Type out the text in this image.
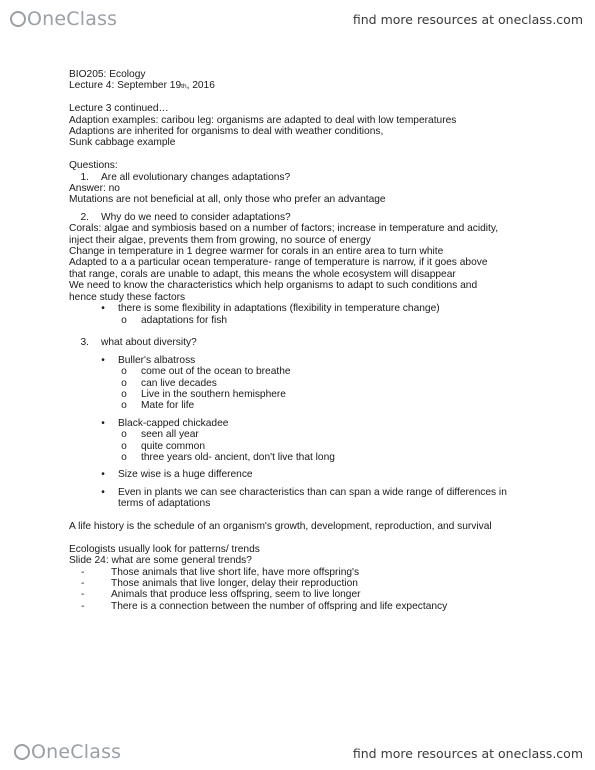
OneClass	find more resources at oneclass.com
BIO205: Ecology
Lecture 4: September 19 th , 2016
Lecture 3 continued…
Adaption examples: caribou leg: organisms are adapted to deal with low temperatures
Adaptions are inherited for organisms to deal with weather conditions,
Sunk cabbage example
Questions:
1. Are all evolutionary changes adaptations?
Answer: no
Mutations are not beneficial at all, only those who prefer an advantage
2. Why do we need to consider adaptations?
Corals: algae and symbiosis based on a number of factors; increase in temperature and acidity,
inject their algae, prevents them from growing, no source of energy
Change in temperature in 1 degree warmer for corals in an entire area to turn white
Adapted to a a particular ocean temperature- range of temperature is narrow, if it goes above
that range, corals are unable to adapt, this means the whole ecosystem will disappear
We need to know the characteristics which help organisms to adapt to such conditions and
hence study these factors
•	there is some flexibility in adaptations (flexibility in temperature change)
o adaptations for fish
3. what about diversity?
•	Buller's albatross
o come out of the ocean to breathe
o can live decades
o Live in the southern hemisphere
o Mate for life
•	Black-capped chickadee
o seen all year
o quite common
o three years old- ancient, don't live that long
•	Size wise is a huge difference
•	Even in plants we can see characteristics than can span a wide range of differences in
terms of adaptations
A life history is the schedule of an organism's growth, development, reproduction, and survival
Ecologists usually look for patterns/ trends
Slide 24: what are some general trends?
-	Those animals that live short life, have more offspring's
-	Those animals that live longer, delay their reproduction
-	Animals that produce less offspring, seem to live longer
-	There is a connection between the number of offspring and life expectancy
OneClass	find more resources at oneclass.com
